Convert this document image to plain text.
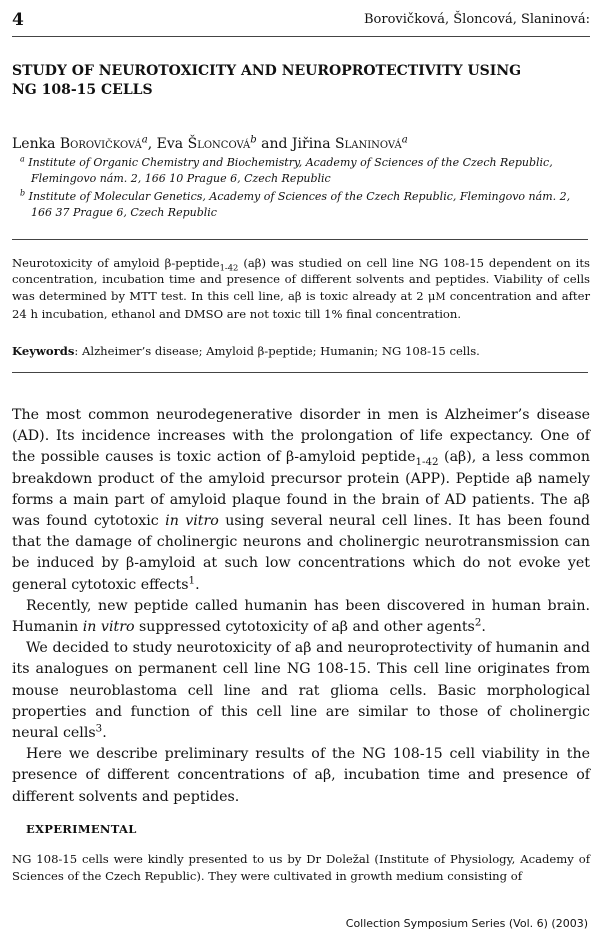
4	Borovičková, Šloncová, Slaninová:
STUDY OF NEUROTOXICITY AND NEUROPROTECTIVITY USING
NG 108-15 CELLS
Lenka Borovičková$^a$, Eva Šloncová$^b$ and Jiřina Slaninová$^a$
$^a$ Institute of Organic Chemistry and Biochemistry, Academy of Sciences of the Czech Republic,
Flemingovo nám. 2, 166 10 Prague 6, Czech Republic
$^b$ Institute of Molecular Genetics, Academy of Sciences of the Czech Republic, Flemingovo nám. 2,
166 37 Prague 6, Czech Republic
Neurotoxicity of amyloid β-peptide$_{1-42}$ (aβ) was studied on cell line NG 108-15 dependent on its concentration, incubation time and presence of different solvents and peptides. Viability of cells was determined by MTT test. In this cell line, aβ is toxic already at 2 μM concentration and after 24 h incubation, ethanol and DMSO are not toxic till 1% final concentration.
Keywords: Alzheimer’s disease; Amyloid β-peptide; Humanin; NG 108-15 cells.

The most common neurodegenerative disorder in men is Alzheimer’s disease (AD). Its incidence increases with the prolongation of life expectancy. One of the possible causes is toxic action of β-amyloid peptide$_{1-42}$ (aβ), a less common breakdown product of the amyloid precursor protein (APP). Peptide aβ namely forms a main part of amyloid plaque found in the brain of AD patients. The aβ was found cytotoxic in vitro using several neural cell lines. It has been found that the damage of cholinergic neurons and cholinergic neurotransmission can be induced by β-amyloid at such low concentrations which do not evoke yet general cytotoxic effects$^1$.

Recently, new peptide called humanin has been discovered in human brain. Humanin in vitro suppressed cytotoxicity of aβ and other agents$^2$.

We decided to study neurotoxicity of aβ and neuroprotectivity of humanin and its analogues on permanent cell line NG 108-15. This cell line originates from mouse neuroblastoma cell line and rat glioma cells. Basic morphological properties and function of this cell line are similar to those of cholinergic neural cells$^3$.

Here we describe preliminary results of the NG 108-15 cell viability in the presence of different concentrations of aβ, incubation time and presence of different solvents and peptides.

EXPERIMENTAL
NG 108-15 cells were kindly presented to us by Dr Doležal (Institute of Physiology, Academy of Sciences of the Czech Republic). They were cultivated in growth medium consisting of
Collection Symposium Series (Vol. 6) (2003)
